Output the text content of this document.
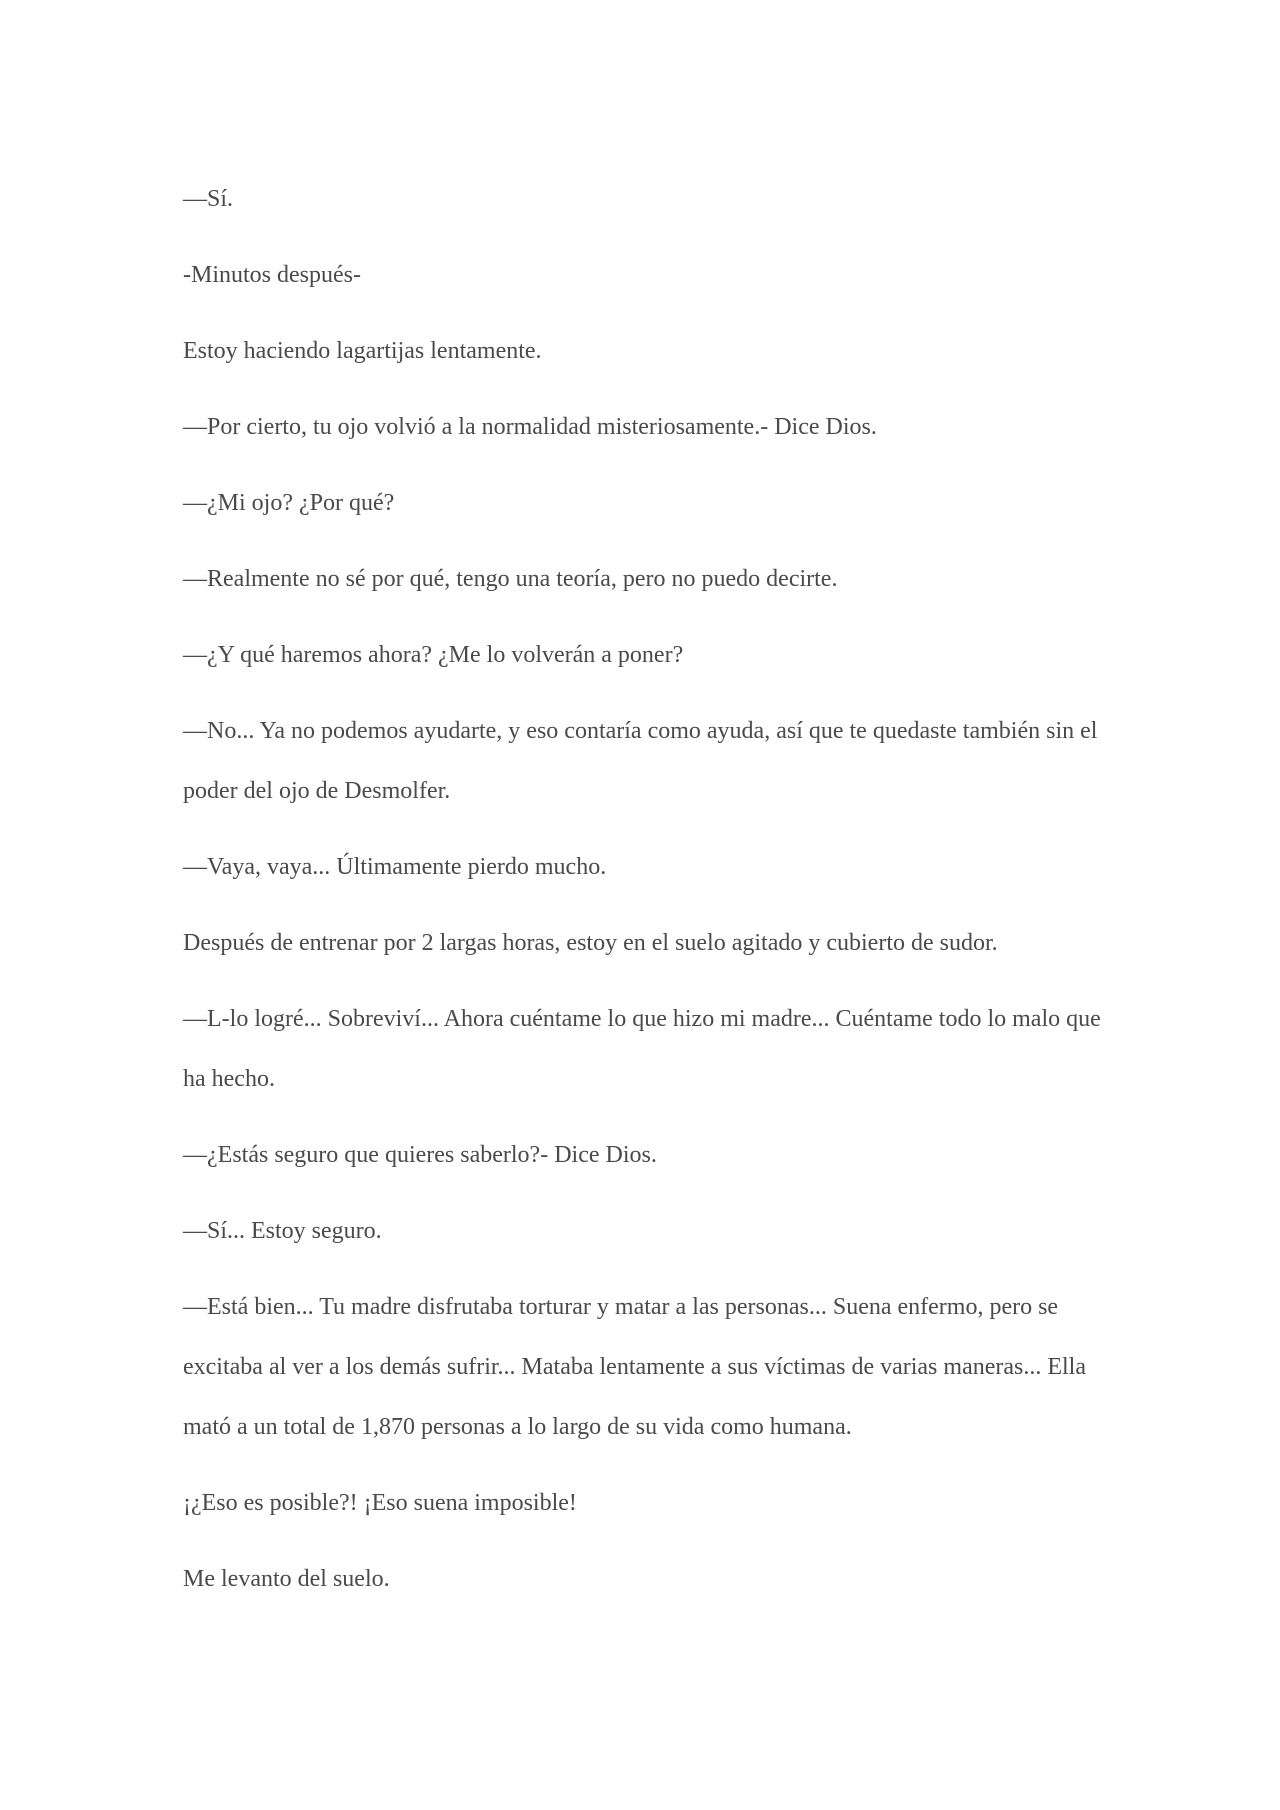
—Sí.

-Minutos después-

Estoy haciendo lagartijas lentamente.

—Por cierto, tu ojo volvió a la normalidad misteriosamente.- Dice Dios.

—¿Mi ojo? ¿Por qué?

—Realmente no sé por qué, tengo una teoría, pero no puedo decirte.

—¿Y qué haremos ahora? ¿Me lo volverán a poner?

—No... Ya no podemos ayudarte, y eso contaría como ayuda, así que te quedaste también sin el poder del ojo de Desmolfer.

—Vaya, vaya... Últimamente pierdo mucho.

Después de entrenar por 2 largas horas, estoy en el suelo agitado y cubierto de sudor.

—L-lo logré... Sobreviví... Ahora cuéntame lo que hizo mi madre... Cuéntame todo lo malo que ha hecho.

—¿Estás seguro que quieres saberlo?- Dice Dios.

—Sí... Estoy seguro.

—Está bien... Tu madre disfrutaba torturar y matar a las personas... Suena enfermo, pero se excitaba al ver a los demás sufrir... Mataba lentamente a sus víctimas de varias maneras... Ella mató a un total de 1,870 personas a lo largo de su vida como humana.

¡¿Eso es posible?! ¡Eso suena imposible!

Me levanto del suelo.
